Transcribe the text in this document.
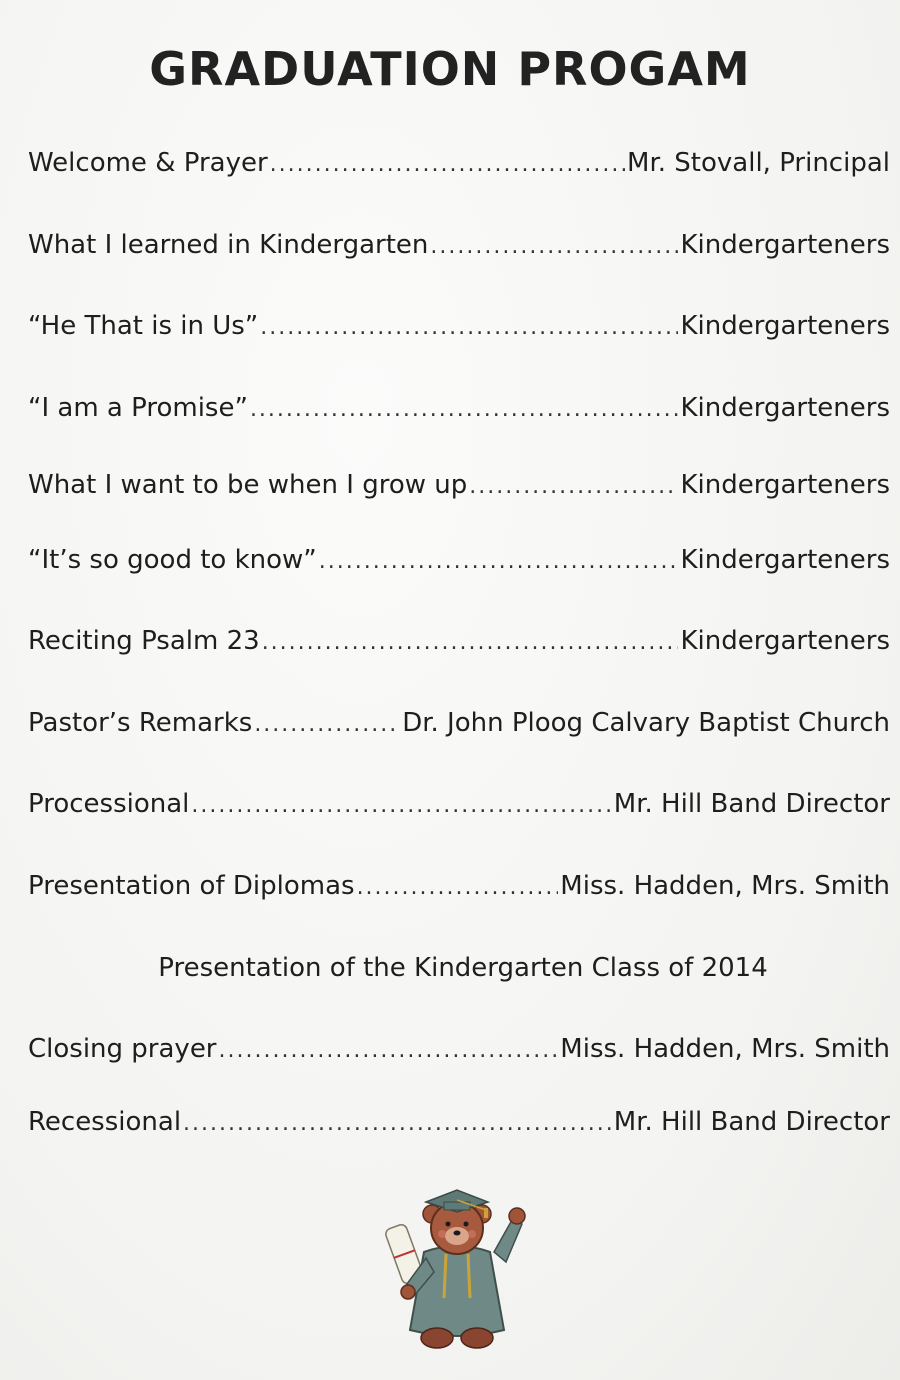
GRADUATION PROGAM
Welcome & Prayer .....	Mr. Stovall, Principal
What I learned in Kindergarten .....	Kindergarteners
“He That is in Us” .....	Kindergarteners
“I am a Promise” .....	Kindergarteners
What I want to be when I grow up .....	Kindergarteners
“It’s so good to know” .....	Kindergarteners
Reciting Psalm 23 .....	Kindergarteners
Pastor’s Remarks .....	Dr. John Ploog Calvary Baptist Church
Processional .....	Mr. Hill Band Director
Presentation of Diplomas .....	Miss. Hadden, Mrs. Smith
Presentation of the Kindergarten Class of 2014
Closing prayer .....	Miss. Hadden, Mrs. Smith
Recessional .....	Mr. Hill Band Director
